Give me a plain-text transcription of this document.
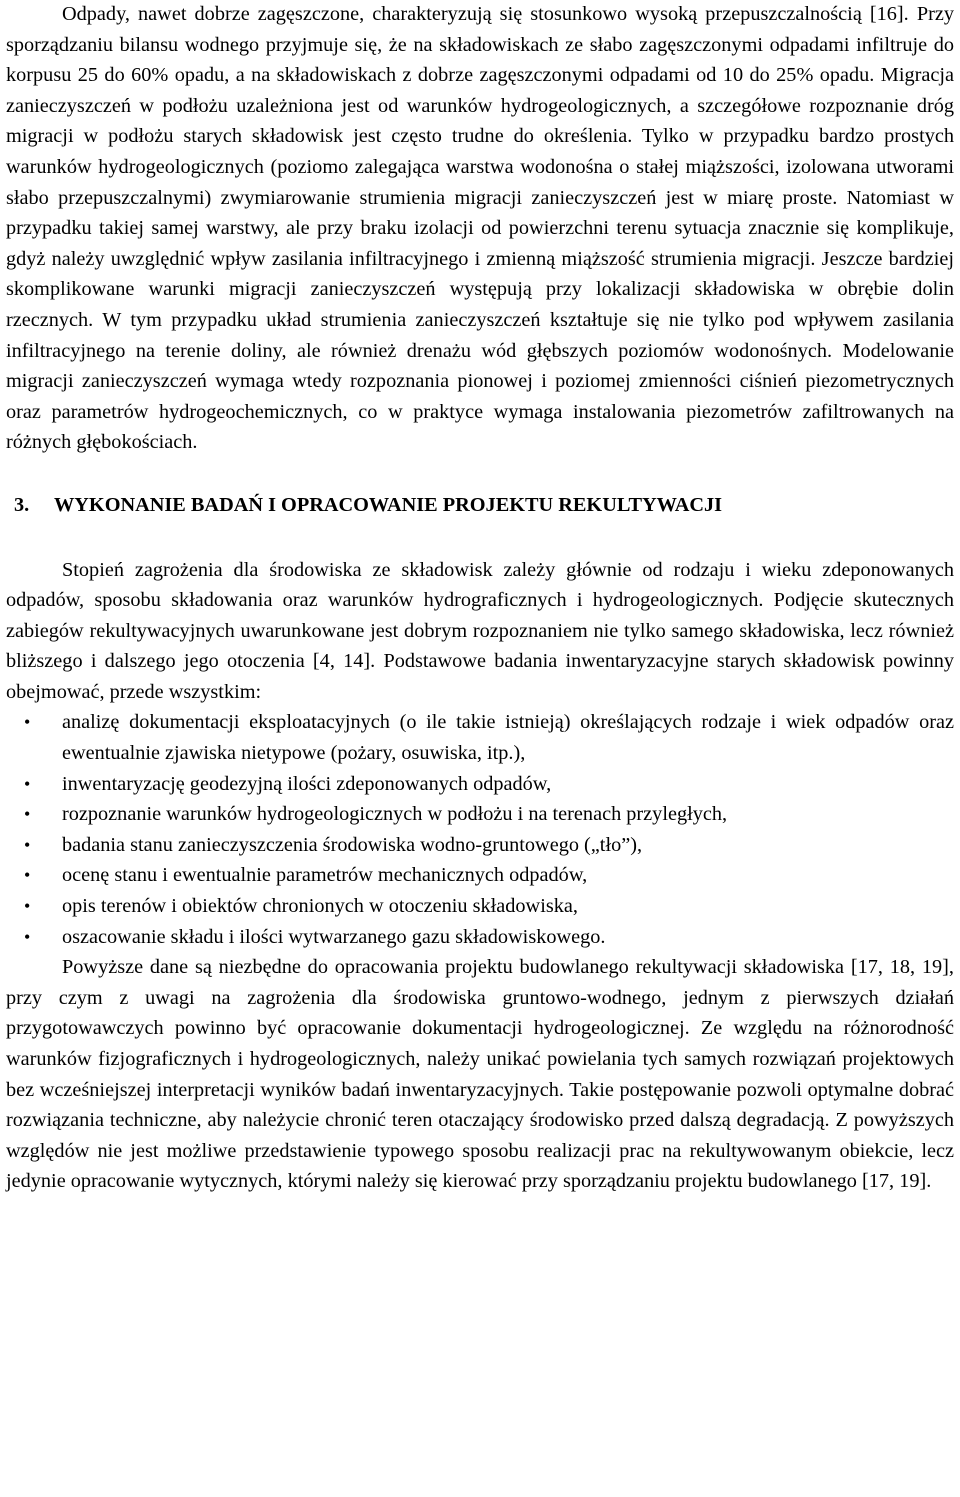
Odpady, nawet dobrze zagęszczone, charakteryzują się stosunkowo wysoką przepuszczalnością [16]. Przy sporządzaniu bilansu wodnego przyjmuje się, że na składowiskach ze słabo zagęszczonymi odpadami infiltruje do korpusu 25 do 60% opadu, a na składowiskach z dobrze zagęszczonymi odpadami od 10 do 25% opadu. Migracja zanieczyszczeń w podłożu uzależniona jest od warunków hydrogeologicznych, a szczegółowe rozpoznanie dróg migracji w podłożu starych składowisk jest często trudne do określenia. Tylko w przypadku bardzo prostych warunków hydrogeologicznych (poziomo zalegająca warstwa wodonośna o stałej miąższości, izolowana utworami słabo przepuszczalnymi) zwymiarowanie strumienia migracji zanieczyszczeń jest w miarę proste. Natomiast w przypadku takiej samej warstwy, ale przy braku izolacji od powierzchni terenu sytuacja znacznie się komplikuje, gdyż należy uwzględnić wpływ zasilania infiltracyjnego i zmienną miąższość strumienia migracji. Jeszcze bardziej skomplikowane warunki migracji zanieczyszczeń występują przy lokalizacji składowiska w obrębie dolin rzecznych. W tym przypadku układ strumienia zanieczyszczeń kształtuje się nie tylko pod wpływem zasilania infiltracyjnego na terenie doliny, ale również drenażu wód głębszych poziomów wodonośnych. Modelowanie migracji zanieczyszczeń wymaga wtedy rozpoznania pionowej i poziomej zmienności ciśnień piezometrycznych oraz parametrów hydrogeochemicznych, co w praktyce wymaga instalowania piezometrów zafiltrowanych na różnych głębokościach.

3. WYKONANIE BADAŃ I OPRACOWANIE PROJEKTU REKULTYWACJI

Stopień zagrożenia dla środowiska ze składowisk zależy głównie od rodzaju i wieku zdeponowanych odpadów, sposobu składowania oraz warunków hydrograficznych i hydrogeologicznych. Podjęcie skutecznych zabiegów rekultywacyjnych uwarunkowane jest dobrym rozpoznaniem nie tylko samego składowiska, lecz również bliższego i dalszego jego otoczenia [4, 14]. Podstawowe badania inwentaryzacyjne starych składowisk powinny obejmować, przede wszystkim:

• analizę dokumentacji eksploatacyjnych (o ile takie istnieją) określających rodzaje i wiek odpadów oraz ewentualnie zjawiska nietypowe (pożary, osuwiska, itp.),
• inwentaryzację geodezyjną ilości zdeponowanych odpadów,
• rozpoznanie warunków hydrogeologicznych w podłożu i na terenach przyległych,
• badania stanu zanieczyszczenia środowiska wodno-gruntowego („tło”),
• ocenę stanu i ewentualnie parametrów mechanicznych odpadów,
• opis terenów i obiektów chronionych w otoczeniu składowiska,
• oszacowanie składu i ilości wytwarzanego gazu składowiskowego.

Powyższe dane są niezbędne do opracowania projektu budowlanego rekultywacji składowiska [17, 18, 19], przy czym z uwagi na zagrożenia dla środowiska gruntowo-wodnego, jednym z pierwszych działań przygotowawczych powinno być opracowanie dokumentacji hydrogeologicznej. Ze względu na różnorodność warunków fizjograficznych i hydrogeologicznych, należy unikać powielania tych samych rozwiązań projektowych bez wcześniejszej interpretacji wyników badań inwentaryzacyjnych. Takie postępowanie pozwoli optymalne dobrać rozwiązania techniczne, aby należycie chronić teren otaczający środowisko przed dalszą degradacją. Z powyższych względów nie jest możliwe przedstawienie typowego sposobu realizacji prac na rekultywowanym obiekcie, lecz jedynie opracowanie wytycznych, którymi należy się kierować przy sporządzaniu projektu budowlanego [17, 19].
